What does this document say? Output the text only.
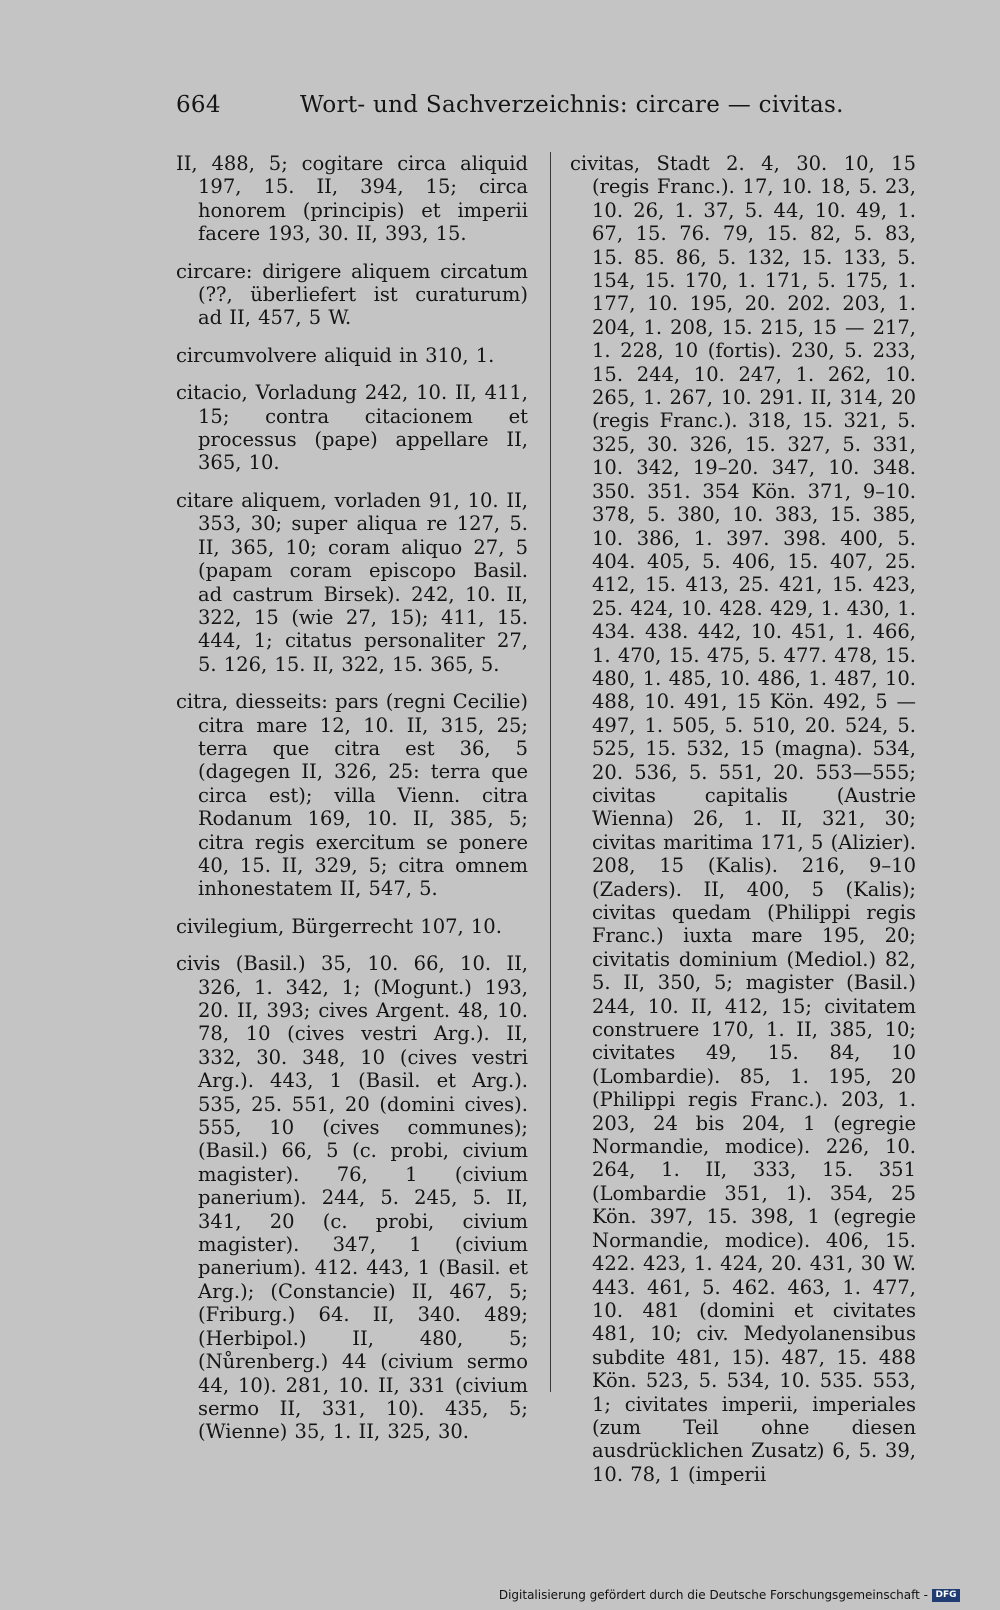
664	Wort- und Sachverzeichnis: circare — civitas.

II, 488, 5; cogitare circa aliquid 197, 15. II, 394, 15; circa honorem (principis) et imperii facere 193, 30. II, 393, 15.

circare: dirigere aliquem circatum (??, überliefert ist curaturum) ad II, 457, 5 W.

circumvolvere aliquid in 310, 1.

citacio, Vorladung 242, 10. II, 411, 15; contra citacionem et processus (pape) appellare II, 365, 10.

citare aliquem, vorladen 91, 10. II, 353, 30; super aliqua re 127, 5. II, 365, 10; coram aliquo 27, 5 (papam coram episcopo Basil. ad castrum Birsek). 242, 10. II, 322, 15 (wie 27, 15); 411, 15. 444, 1; citatus personaliter 27, 5. 126, 15. II, 322, 15. 365, 5.

citra, diesseits: pars (regni Cecilie) citra mare 12, 10. II, 315, 25; terra que citra est 36, 5 (dagegen II, 326, 25: terra que circa est); villa Vienn. citra Rodanum 169, 10. II, 385, 5; citra regis exercitum se ponere 40, 15. II, 329, 5; citra omnem inhonestatem II, 547, 5.

civilegium, Bürgerrecht 107, 10.

civis (Basil.) 35, 10. 66, 10. II, 326, 1. 342, 1; (Mogunt.) 193, 20. II, 393; cives Argent. 48, 10. 78, 10 (cives vestri Arg.). II, 332, 30. 348, 10 (cives vestri Arg.). 443, 1 (Basil. et Arg.). 535, 25. 551, 20 (domini cives). 555, 10 (cives communes); (Basil.) 66, 5 (c. probi, civium magister). 76, 1 (civium panerium). 244, 5. 245, 5. II, 341, 20 (c. probi, civium magister). 347, 1 (civium panerium). 412. 443, 1 (Basil. et Arg.); (Constancie) II, 467, 5; (Friburg.) 64. II, 340. 489; (Herbipol.) II, 480, 5; (Nůrenberg.) 44 (civium sermo 44, 10). 281, 10. II, 331 (civium sermo II, 331, 10). 435, 5; (Wienne) 35, 1. II, 325, 30.

civitas, Stadt 2. 4, 30. 10, 15 (regis Franc.). 17, 10. 18, 5. 23, 10. 26, 1. 37, 5. 44, 10. 49, 1. 67, 15. 76. 79, 15. 82, 5. 83, 15. 85. 86, 5. 132, 15. 133, 5. 154, 15. 170, 1. 171, 5. 175, 1. 177, 10. 195, 20. 202. 203, 1. 204, 1. 208, 15. 215, 15 — 217, 1. 228, 10 (fortis). 230, 5. 233, 15. 244, 10. 247, 1. 262, 10. 265, 1. 267, 10. 291. II, 314, 20 (regis Franc.). 318, 15. 321, 5. 325, 30. 326, 15. 327, 5. 331, 10. 342, 19–20. 347, 10. 348. 350. 351. 354 Kön. 371, 9–10. 378, 5. 380, 10. 383, 15. 385, 10. 386, 1. 397. 398. 400, 5. 404. 405, 5. 406, 15. 407, 25. 412, 15. 413, 25. 421, 15. 423, 25. 424, 10. 428. 429, 1. 430, 1. 434. 438. 442, 10. 451, 1. 466, 1. 470, 15. 475, 5. 477. 478, 15. 480, 1. 485, 10. 486, 1. 487, 10. 488, 10. 491, 15 Kön. 492, 5 — 497, 1. 505, 5. 510, 20. 524, 5. 525, 15. 532, 15 (magna). 534, 20. 536, 5. 551, 20. 553—555; civitas capitalis (Austrie Wienna) 26, 1. II, 321, 30; civitas maritima 171, 5 (Alizier). 208, 15 (Kalis). 216, 9–10 (Zaders). II, 400, 5 (Kalis); civitas quedam (Philippi regis Franc.) iuxta mare 195, 20; civitatis dominium (Mediol.) 82, 5. II, 350, 5; magister (Basil.) 244, 10. II, 412, 15; civitatem construere 170, 1. II, 385, 10; civitates 49, 15. 84, 10 (Lombardie). 85, 1. 195, 20 (Philippi regis Franc.). 203, 1. 203, 24 bis 204, 1 (egregie Normandie, modice). 226, 10. 264, 1. II, 333, 15. 351 (Lombardie 351, 1). 354, 25 Kön. 397, 15. 398, 1 (egregie Normandie, modice). 406, 15. 422. 423, 1. 424, 20. 431, 30 W. 443. 461, 5. 462. 463, 1. 477, 10. 481 (domini et civitates 481, 10; civ. Medyolanensibus subdite 481, 15). 487, 15. 488 Kön. 523, 5. 534, 10. 535. 553, 1; civitates imperii, imperiales (zum Teil ohne diesen ausdrücklichen Zusatz) 6, 5. 39, 10. 78, 1 (imperii

Digitalisierung gefördert durch die Deutsche Forschungsgemeinschaft - DFG
